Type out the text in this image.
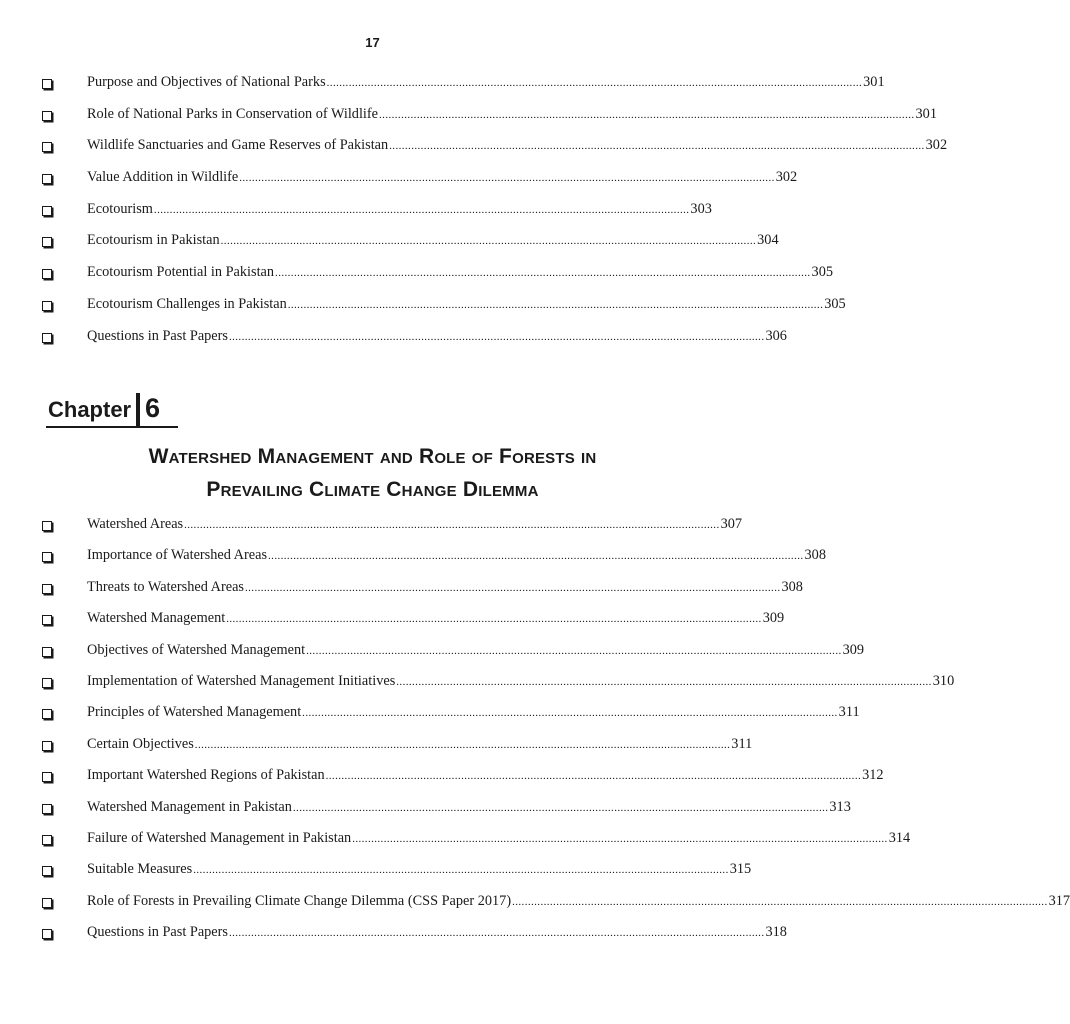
17
Purpose and Objectives of National Parks .......................................................................................................................................................................... 301
Role of National Parks in Conservation of Wildlife .......................................................................................................................................................................... 301
Wildlife Sanctuaries and Game Reserves of Pakistan .......................................................................................................................................................................... 302
Value Addition in Wildlife .......................................................................................................................................................................... 302
Ecotourism .......................................................................................................................................................................... 303
Ecotourism in Pakistan .......................................................................................................................................................................... 304
Ecotourism Potential in Pakistan .......................................................................................................................................................................... 305
Ecotourism Challenges in Pakistan .......................................................................................................................................................................... 305
Questions in Past Papers .......................................................................................................................................................................... 306
Chapter 6
Watershed Management and Role of Forests in
Prevailing Climate Change Dilemma
Watershed Areas .......................................................................................................................................................................... 307
Importance of Watershed Areas .......................................................................................................................................................................... 308
Threats to Watershed Areas .......................................................................................................................................................................... 308
Watershed Management .......................................................................................................................................................................... 309
Objectives of Watershed Management .......................................................................................................................................................................... 309
Implementation of Watershed Management Initiatives .......................................................................................................................................................................... 310
Principles of Watershed Management .......................................................................................................................................................................... 311
Certain Objectives .......................................................................................................................................................................... 311
Important Watershed Regions of Pakistan .......................................................................................................................................................................... 312
Watershed Management in Pakistan .......................................................................................................................................................................... 313
Failure of Watershed Management in Pakistan .......................................................................................................................................................................... 314
Suitable Measures .......................................................................................................................................................................... 315
Role of Forests in Prevailing Climate Change Dilemma (CSS Paper 2017) .......................................................................................................................................................................... 317
Questions in Past Papers .......................................................................................................................................................................... 318
